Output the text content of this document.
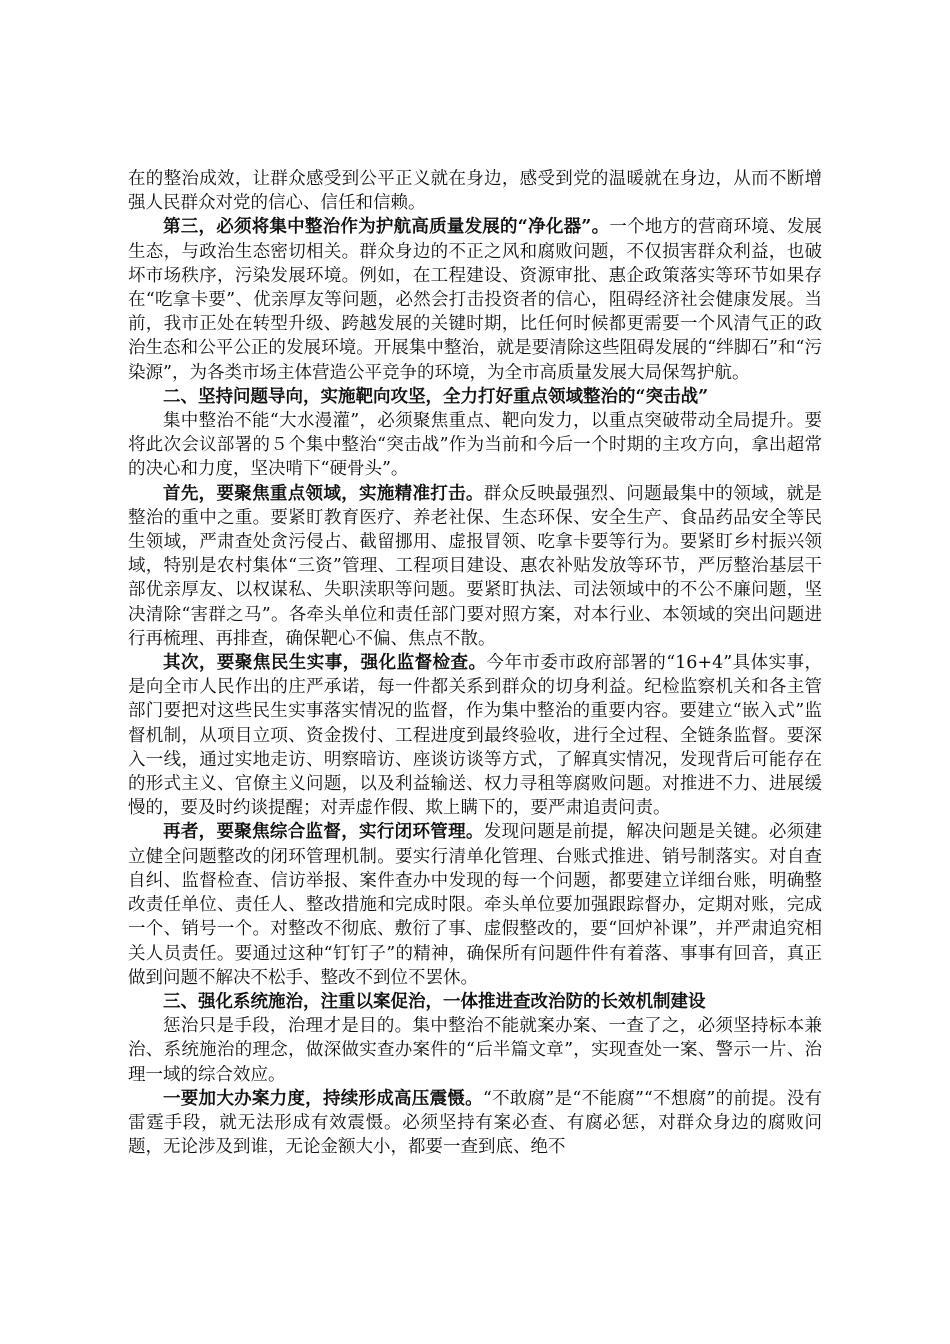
在的整治成效，让群众感受到公平正义就在身边，感受到党的温暖就在身边，从而不断增强人民群众对党的信心、信任和信赖。

第三，必须将集中整治作为护航高质量发展的“净化器”。一个地方的营商环境、发展生态，与政治生态密切相关。群众身边的不正之风和腐败问题，不仅损害群众利益，也破坏市场秩序，污染发展环境。例如，在工程建设、资源审批、惠企政策落实等环节如果存在“吃拿卡要”、优亲厚友等问题，必然会打击投资者的信心，阻碍经济社会健康发展。当前，我市正处在转型升级、跨越发展的关键时期，比任何时候都更需要一个风清气正的政治生态和公平公正的发展环境。开展集中整治，就是要清除这些阻碍发展的“绊脚石”和“污染源”，为各类市场主体营造公平竞争的环境，为全市高质量发展大局保驾护航。

二、坚持问题导向，实施靶向攻坚，全力打好重点领域整治的“突击战”

集中整治不能“大水漫灌”，必须聚焦重点、靶向发力，以重点突破带动全局提升。要将此次会议部署的５个集中整治“突击战”作为当前和今后一个时期的主攻方向，拿出超常的决心和力度，坚决啃下“硬骨头”。

首先，要聚焦重点领域，实施精准打击。群众反映最强烈、问题最集中的领域，就是整治的重中之重。要紧盯教育医疗、养老社保、生态环保、安全生产、食品药品安全等民生领域，严肃查处贪污侵占、截留挪用、虚报冒领、吃拿卡要等行为。要紧盯乡村振兴领域，特别是农村集体“三资”管理、工程项目建设、惠农补贴发放等环节，严厉整治基层干部优亲厚友、以权谋私、失职渎职等问题。要紧盯执法、司法领域中的不公不廉问题，坚决清除“害群之马”。各牵头单位和责任部门要对照方案，对本行业、本领域的突出问题进行再梳理、再排查，确保靶心不偏、焦点不散。

其次，要聚焦民生实事，强化监督检查。今年市委市政府部署的“16+4”具体实事，是向全市人民作出的庄严承诺，每一件都关系到群众的切身利益。纪检监察机关和各主管部门要把对这些民生实事落实情况的监督，作为集中整治的重要内容。要建立“嵌入式”监督机制，从项目立项、资金拨付、工程进度到最终验收，进行全过程、全链条监督。要深入一线，通过实地走访、明察暗访、座谈访谈等方式，了解真实情况，发现背后可能存在的形式主义、官僚主义问题，以及利益输送、权力寻租等腐败问题。对推进不力、进展缓慢的，要及时约谈提醒；对弄虚作假、欺上瞒下的，要严肃追责问责。

再者，要聚焦综合监督，实行闭环管理。发现问题是前提，解决问题是关键。必须建立健全问题整改的闭环管理机制。要实行清单化管理、台账式推进、销号制落实。对自查自纠、监督检查、信访举报、案件查办中发现的每一个问题，都要建立详细台账，明确整改责任单位、责任人、整改措施和完成时限。牵头单位要加强跟踪督办，定期对账，完成一个、销号一个。对整改不彻底、敷衍了事、虚假整改的，要“回炉补课”，并严肃追究相关人员责任。要通过这种“钉钉子”的精神，确保所有问题件件有着落、事事有回音，真正做到问题不解决不松手、整改不到位不罢休。

三、强化系统施治，注重以案促治，一体推进查改治防的长效机制建设

惩治只是手段，治理才是目的。集中整治不能就案办案、一查了之，必须坚持标本兼治、系统施治的理念，做深做实查办案件的“后半篇文章”，实现查处一案、警示一片、治理一域的综合效应。

一要加大办案力度，持续形成高压震慑。“不敢腐”是“不能腐”“不想腐”的前提。没有雷霆手段，就无法形成有效震慑。必须坚持有案必查、有腐必惩，对群众身边的腐败问题，无论涉及到谁，无论金额大小，都要一查到底、绝不
